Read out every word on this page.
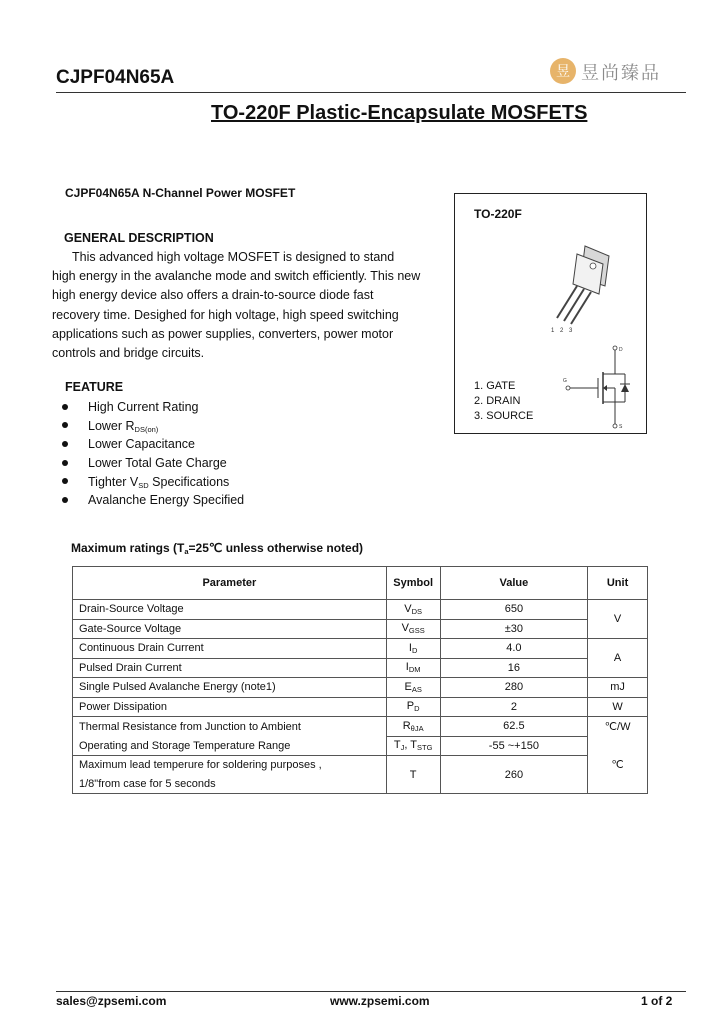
CJPF04N65A	昱 昱尚臻品
TO-220F Plastic-Encapsulate MOSFETS
CJPF04N65A N-Channel Power MOSFET
GENERAL DESCRIPTION

This advanced high voltage MOSFET is designed to stand

high energy in the avalanche mode and switch efficiently. This new

high energy device also offers a drain-to-source diode fast

recovery time. Desighed for high voltage, high speed switching

applications such as power supplies, converters, power motor

controls and bridge circuits.

FEATURE
High Current Rating
Lower $R_{DS(on)}$
Lower Capacitance
Lower Total Gate Charge
Tighter $V_{SD}$ Specifications
Avalanche Energy Specified
TO-220F
1 2 3
1. GATE
2. DRAIN
3. SOURCE
D
G
S
Maximum ratings ($T_a=25℃$ unless otherwise noted)
Parameter	Symbol	Value	Unit
Drain-Source Voltage	$V_{DS}$	650	V
Gate-Source Voltage	$V_{GSS}$	±30	
Continuous Drain Current	$I_D$	4.0	A
Pulsed Drain Current	$I_{DM}$	16	
Single Pulsed Avalanche Energy (note1)	$E_{AS}$	280	mJ
Power Dissipation	$P_D$	2	W
Thermal Resistance from Junction to Ambient	$R_{\theta JA}$	62.5	℃/W
Operating and Storage Temperature Range	$T_J$, $T_{STG}$	-55 ~+150	℃

Maximum lead temperure for soldering purposes ,
1/8"from case for 5 seconds	T	260	
sales@zpsemi.com	www.zpsemi.com	1 of 2
